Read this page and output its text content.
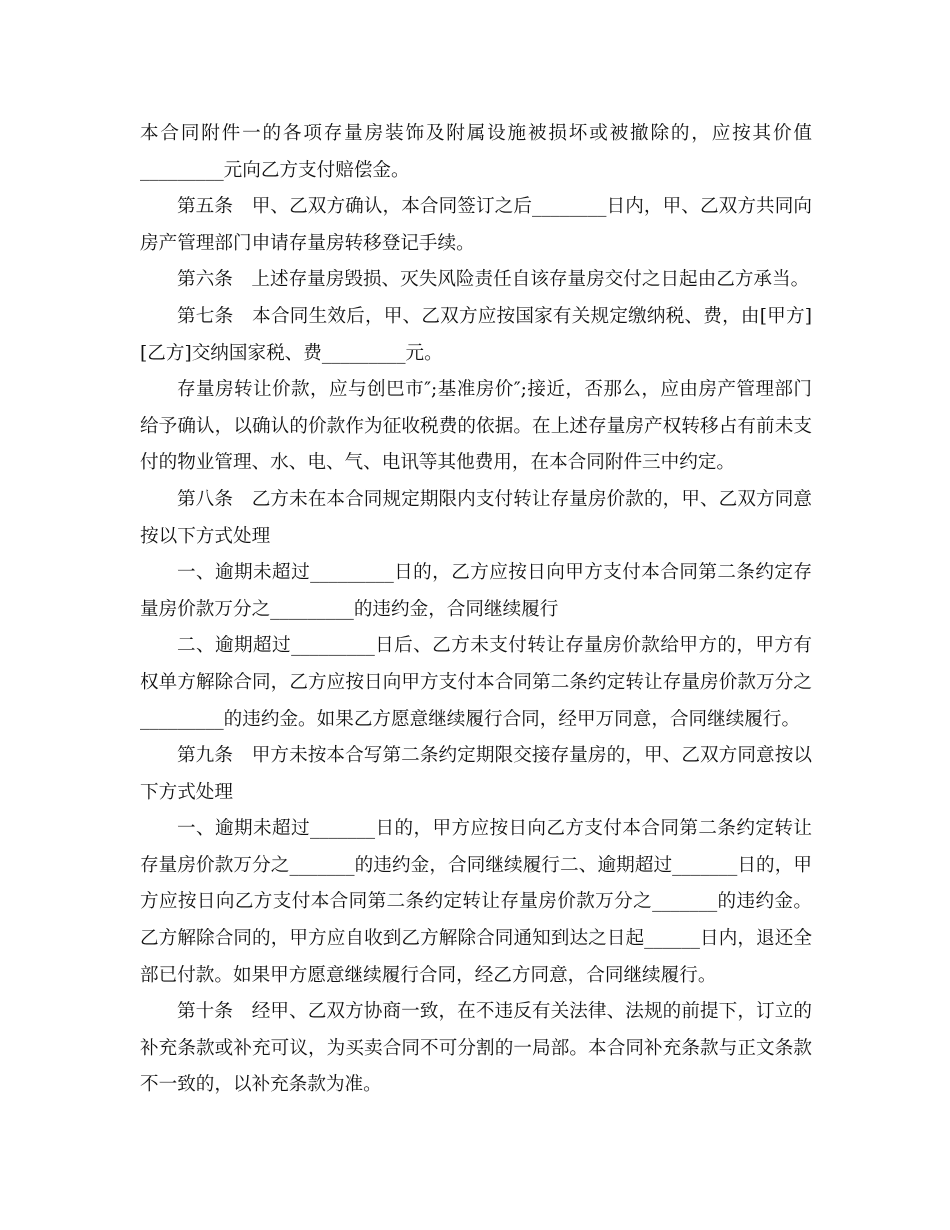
本合同附件一的各项存量房装饰及附属设施被损坏或被撤除的，应按其价值_________元向乙方支付赔偿金。

第五条　甲、乙双方确认，本合同签订之后________日内，甲、乙双方共同向房产管理部门申请存量房转移登记手续。

第六条　上述存量房毁损、灭失风险责任自该存量房交付之日起由乙方承当。

第七条　本合同生效后，甲、乙双方应按国家有关规定缴纳税、费，由[甲方][乙方]交纳国家税、费_________元。

存量房转让价款，应与创巴市″;基准房价″;接近，否那么，应由房产管理部门给予确认，以确认的价款作为征收税费的依据。在上述存量房产权转移占有前未支付的物业管理、水、电、气、电讯等其他费用，在本合同附件三中约定。

第八条　乙方未在本合同规定期限内支付转让存量房价款的，甲、乙双方同意按以下方式处理

一、逾期未超过_________日的，乙方应按日向甲方支付本合同第二条约定存量房价款万分之_________的违约金，合同继续履行

二、逾期超过_________日后、乙方未支付转让存量房价款给甲方的，甲方有权单方解除合同，乙方应按日向甲方支付本合同第二条约定转让存量房价款万分之_________的违约金。如果乙方愿意继续履行合同，经甲万同意，合同继续履行。

第九条　甲方未按本合写第二条约定期限交接存量房的，甲、乙双方同意按以下方式处理

一、逾期未超过_______日的，甲方应按日向乙方支付本合同第二条约定转让存量房价款万分之_______的违约金，合同继续履行二、逾期超过_______日的，甲方应按日向乙方支付本合同第二条约定转让存量房价款万分之_______的违约金。乙方解除合同的，甲方应自收到乙方解除合同通知到达之日起______日内，退还全部已付款。如果甲方愿意继续履行合同，经乙方同意，合同继续履行。

第十条　经甲、乙双方协商一致，在不违反有关法律、法规的前提下，订立的补充条款或补充可议，为买卖合同不可分割的一局部。本合同补充条款与正文条款不一致的，以补充条款为准。
